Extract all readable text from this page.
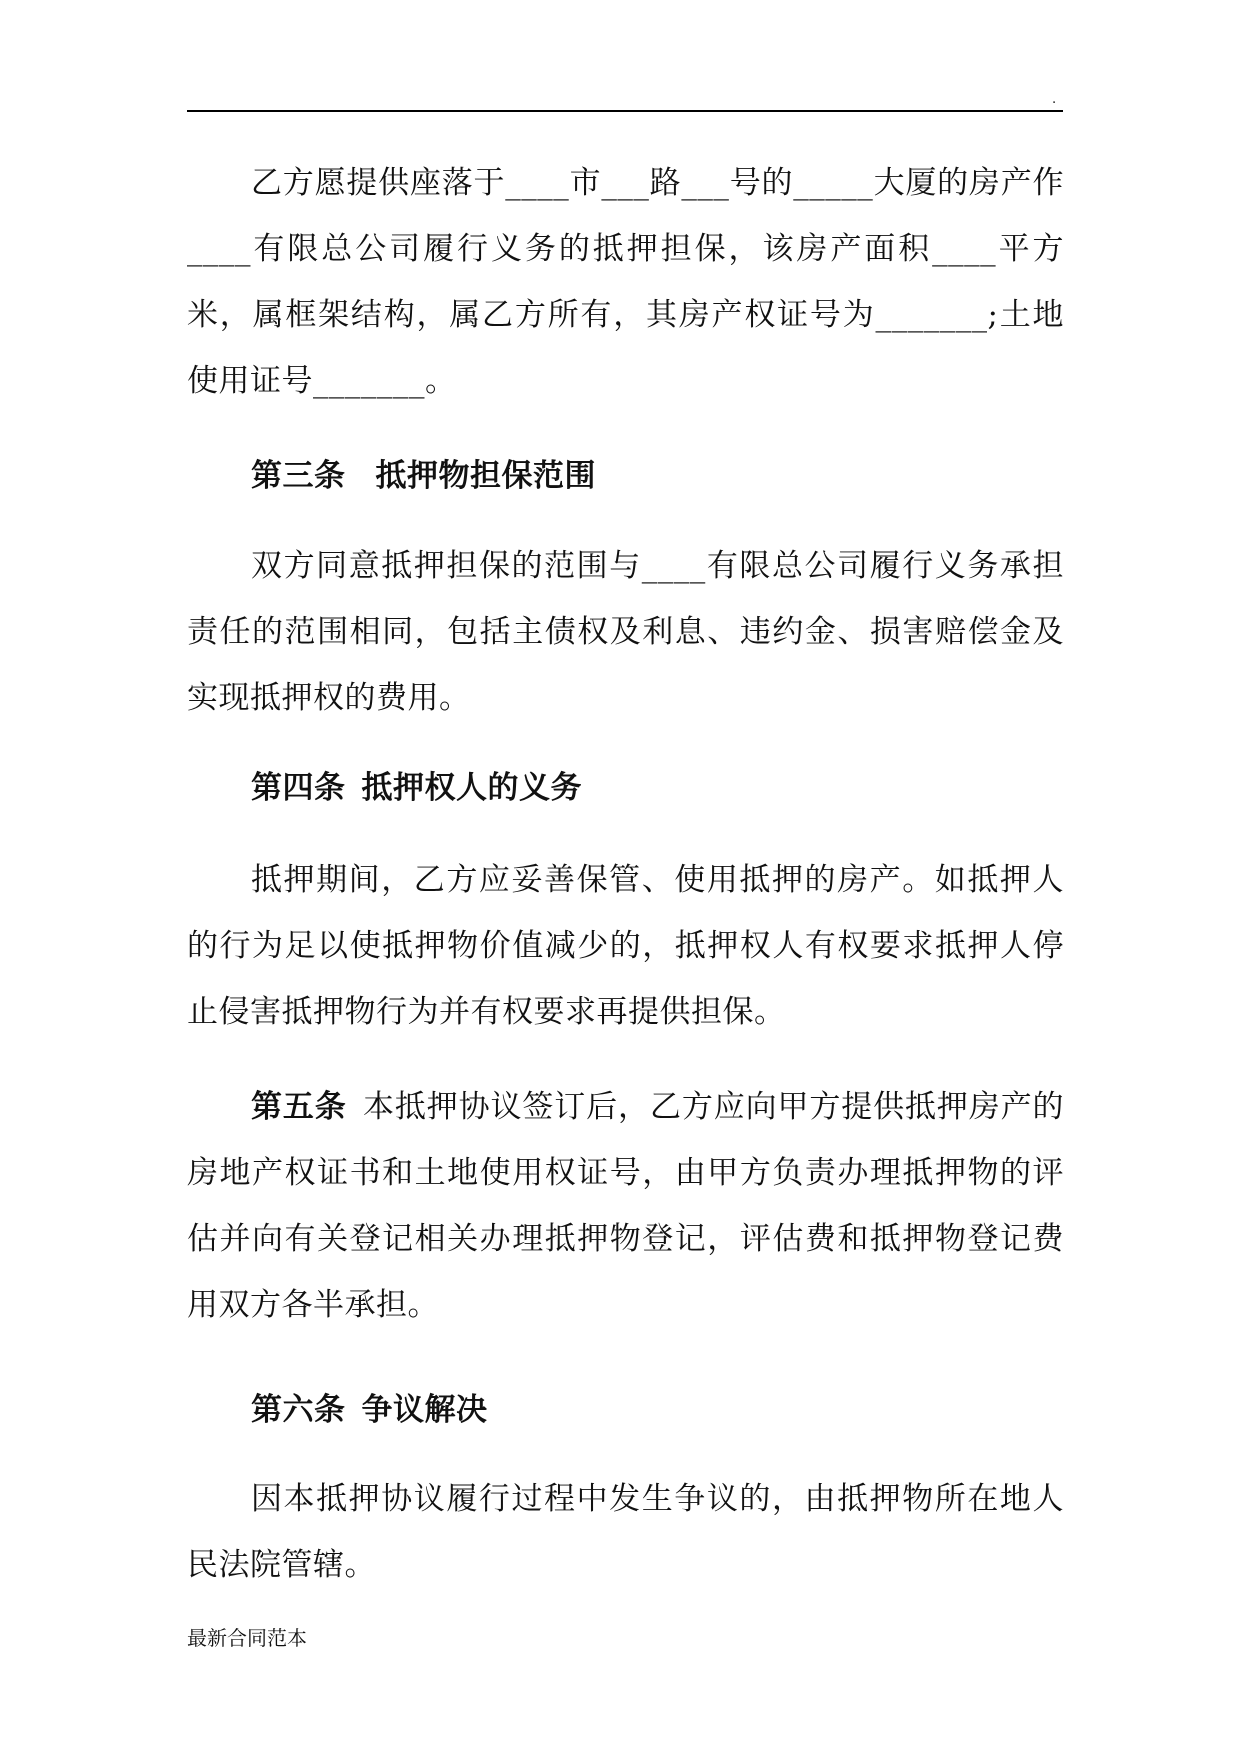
.

乙方愿提供座落于____市___路___号的_____大厦的房产作____有限总公司履行义务的抵押担保，该房产面积____平方米，属框架结构，属乙方所有，其房产权证号为_______;土地使用证号_______。

第三条 抵押物担保范围

双方同意抵押担保的范围与____有限总公司履行义务承担责任的范围相同，包括主债权及利息、违约金、损害赔偿金及实现抵押权的费用。

第四条 抵押权人的义务

抵押期间，乙方应妥善保管、使用抵押的房产。如抵押人的行为足以使抵押物价值减少的，抵押权人有权要求抵押人停止侵害抵押物行为并有权要求再提供担保。

第五条 本抵押协议签订后，乙方应向甲方提供抵押房产的房地产权证书和土地使用权证号，由甲方负责办理抵押物的评估并向有关登记相关办理抵押物登记，评估费和抵押物登记费用双方各半承担。

第六条 争议解决

因本抵押协议履行过程中发生争议的，由抵押物所在地人民法院管辖。

最新合同范本
